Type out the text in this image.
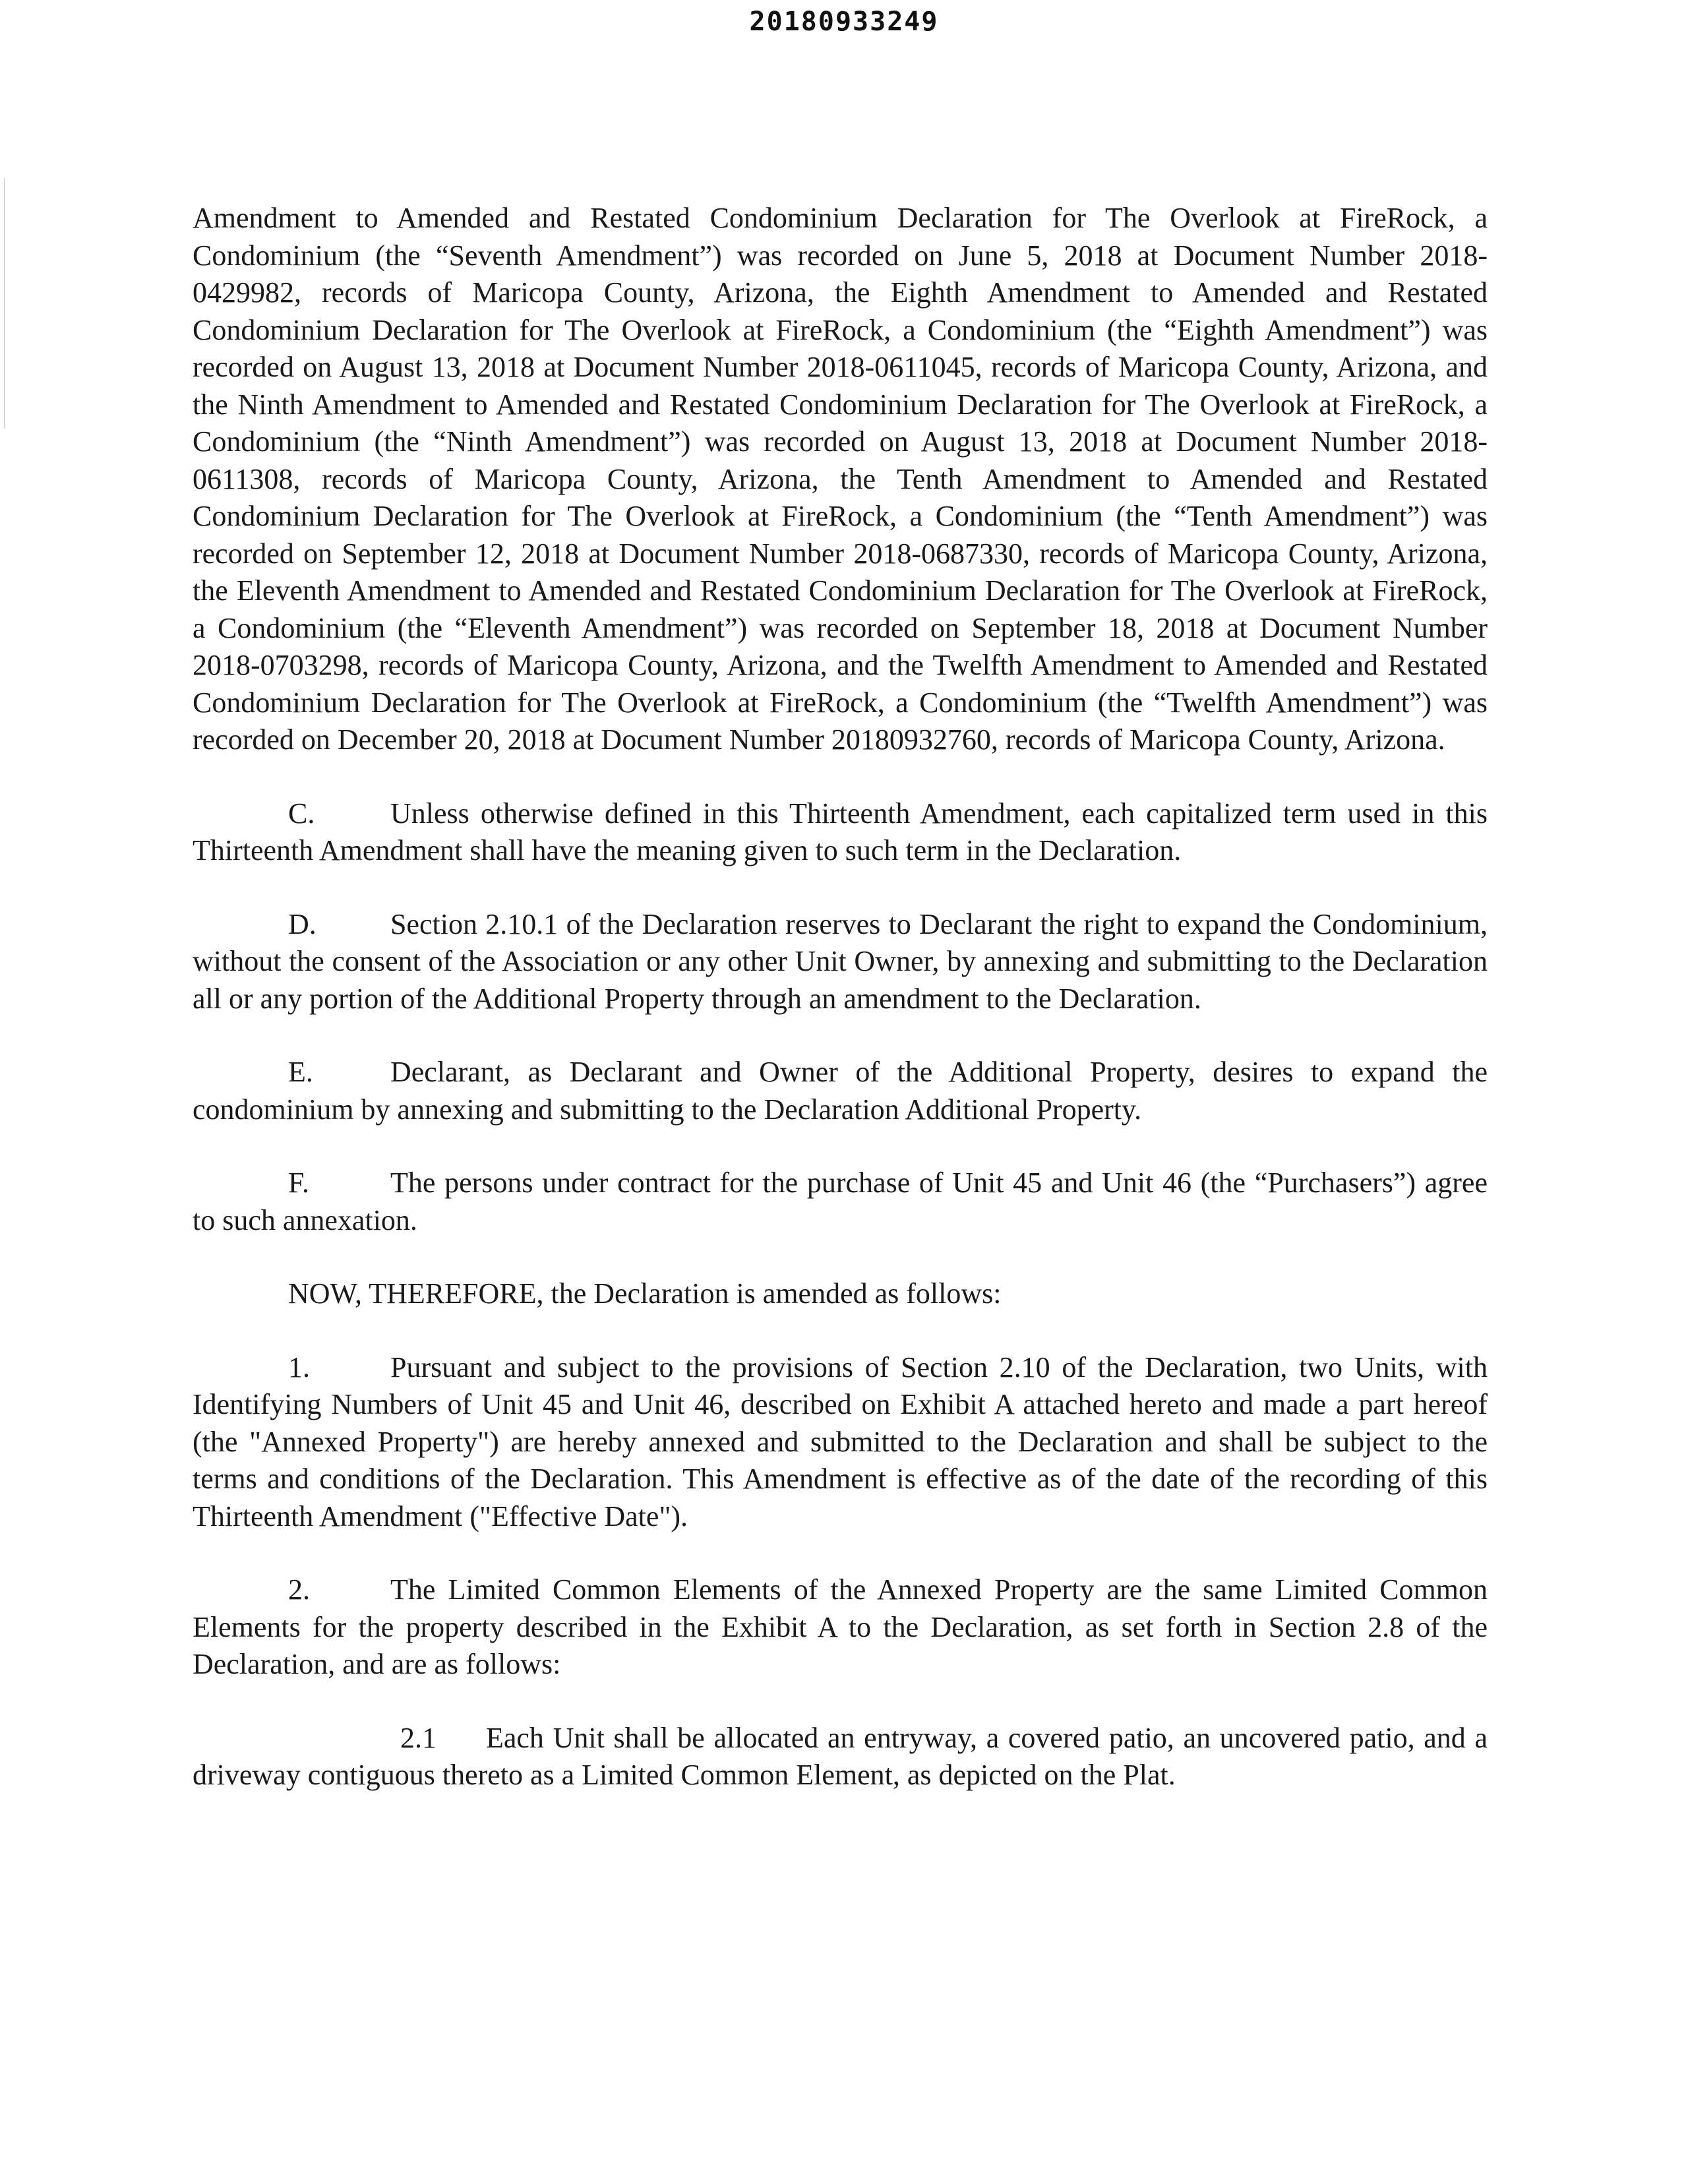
20180933249

Amendment to Amended and Restated Condominium Declaration for The Overlook at FireRock, a Condominium (the “Seventh Amendment”) was recorded on June 5, 2018 at Document Number 2018-0429982, records of Maricopa County, Arizona, the Eighth Amendment to Amended and Restated Condominium Declaration for The Overlook at FireRock, a Condominium (the “Eighth Amendment”) was recorded on August 13, 2018 at Document Number 2018-0611045, records of Maricopa County, Arizona, and the Ninth Amendment to Amended and Restated Condominium Declaration for The Overlook at FireRock, a Condominium (the “Ninth Amendment”) was recorded on August 13, 2018 at Document Number 2018-0611308, records of Maricopa County, Arizona, the Tenth Amendment to Amended and Restated Condominium Declaration for The Overlook at FireRock, a Condominium (the “Tenth Amendment”) was recorded on September 12, 2018 at Document Number 2018-0687330, records of Maricopa County, Arizona, the Eleventh Amendment to Amended and Restated Condominium Declaration for The Overlook at FireRock, a Condominium (the “Eleventh Amendment”) was recorded on September 18, 2018 at Document Number 2018-0703298, records of Maricopa County, Arizona, and the Twelfth Amendment to Amended and Restated Condominium Declaration for The Overlook at FireRock, a Condominium (the “Twelfth Amendment”) was recorded on December 20, 2018 at Document Number 20180932760, records of Maricopa County, Arizona.

C.	Unless otherwise defined in this Thirteenth Amendment, each capitalized term used in this Thirteenth Amendment shall have the meaning given to such term in the Declaration.

D.	Section 2.10.1 of the Declaration reserves to Declarant the right to expand the Condominium, without the consent of the Association or any other Unit Owner, by annexing and submitting to the Declaration all or any portion of the Additional Property through an amendment to the Declaration.

E.	Declarant, as Declarant and Owner of the Additional Property, desires to expand the condominium by annexing and submitting to the Declaration Additional Property.

F.	The persons under contract for the purchase of Unit 45 and Unit 46 (the “Purchasers”) agree to such annexation.

NOW, THEREFORE, the Declaration is amended as follows:

1.	Pursuant and subject to the provisions of Section 2.10 of the Declaration, two Units, with Identifying Numbers of Unit 45 and Unit 46, described on Exhibit A attached hereto and made a part hereof (the "Annexed Property") are hereby annexed and submitted to the Declaration and shall be subject to the terms and conditions of the Declaration. This Amendment is effective as of the date of the recording of this Thirteenth Amendment ("Effective Date").

2.	The Limited Common Elements of the Annexed Property are the same Limited Common Elements for the property described in the Exhibit A to the Declaration, as set forth in Section 2.8 of the Declaration, and are as follows:

2.1 Each Unit shall be allocated an entryway, a covered patio, an uncovered patio, and a driveway contiguous thereto as a Limited Common Element, as depicted on the Plat.
